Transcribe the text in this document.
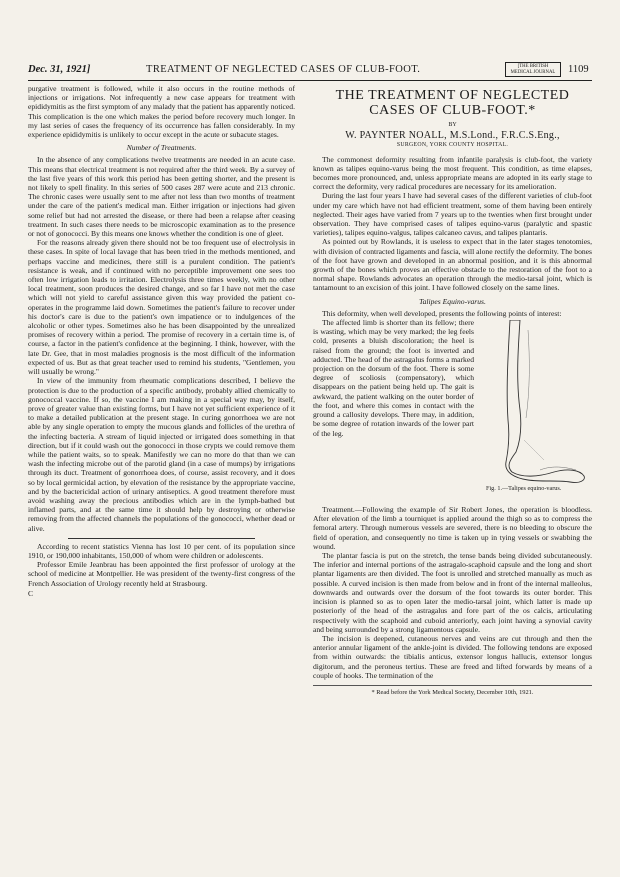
Dec. 31, 1921]	TREATMENT OF NEGLECTED CASES OF CLUB-FOOT.	[THE BRITISH MEDICAL JOURNAL	1109

purgative treatment is followed, while it also occurs in the routine methods of injections or irrigations. Not infrequently a new case appears for treatment with epididymitis as the first symptom of any malady that the patient has apparently noticed. This complication is the one which makes the period before recovery much longer. In my last series of cases the frequency of its occurrence has fallen considerably. In my experience epididymitis is unlikely to occur except in the acute or subacute stages.

Number of Treatments.

In the absence of any complications twelve treatments are needed in an acute case. This means that electrical treatment is not required after the third week. By a survey of the last five years of this work this period has been getting shorter, and the present is not likely to spell finality. In this series of 500 cases 287 were acute and 213 chronic. The chronic cases were usually sent to me after not less than two months of treatment under the care of the patient's medical man. Either irrigation or injections had given some relief but had not arrested the disease, or there had been a relapse after ceasing treatment. In such cases there needs to be microscopic examination as to the presence or not of gonococci. By this means one knows whether the condition is one of gleet.

For the reasons already given there should not be too frequent use of electrolysis in these cases. In spite of local lavage that has been tried in the methods mentioned, and perhaps vaccine and medicines, there still is a purulent condition. The patient's resistance is weak, and if continued with no perceptible improvement one sees too often low irrigation leads to irritation. Electrolysis three times weekly, with no other local treatment, soon produces the desired change, and so far I have not met the case which will not yield to careful assistance given this way provided the patient co-operates in the programme laid down. Sometimes the patient's failure to recover under his doctor's care is due to the patient's own impatience or to indulgences of the alcoholic or other types. Sometimes also he has been disappointed by the unrealized promises of recovery within a period. The promise of recovery in a certain time is, of course, a factor in the patient's confidence at the beginning. I think, however, with the late Dr. Gee, that in most maladies prognosis is the most difficult of the information expected of us. But as that great teacher used to remind his students, "Gentlemen, you will usually be wrong."

In view of the immunity from rheumatic complications described, I believe the protection is due to the production of a specific antibody, probably allied chemically to gonococcal vaccine. If so, the vaccine I am making in a special way may, by itself, prove of greater value than existing forms, but I have not yet sufficient experience of it to make a detailed publication at the present stage. In curing gonorrhoea we are not able by any single operation to empty the mucous glands and follicles of the urethra of the infecting bacteria. A stream of liquid injected or irrigated does something in that direction, but if it could wash out the gonococci in those crypts we could remove them while the patient waits, so to speak. Manifestly we can no more do that than we can wash the infecting microbe out of the parotid gland (in a case of mumps) by irrigations through its duct. Treatment of gonorrhoea does, of course, assist recovery, and it does so by local germicidal action, by elevation of the resistance by the appropriate vaccine, and by the bactericidal action of urinary antiseptics. A good treatment therefore must avoid washing away the precious antibodies which are in the lymph-bathed but inflamed parts, and at the same time it should help by destroying or otherwise removing from the affected channels the populations of the gonococci, whether dead or alive.

According to recent statistics Vienna has lost 10 per cent. of its population since 1910, or 190,000 inhabitants, 150,000 of whom were children or adolescents.

Professor Emile Jeanbrau has been appointed the first professor of urology at the school of medicine at Montpellier. He was president of the twenty-first congress of the French Association of Urology recently held at Strasbourg.

C
THE TREATMENT OF NEGLECTED CASES OF CLUB-FOOT.*
BY
W. PAYNTER NOALL, M.S.Lond., F.R.C.S.Eng.,
SURGEON, YORK COUNTY HOSPITAL.

The commonest deformity resulting from infantile paralysis is club-foot, the variety known as talipes equino-varus being the most frequent. This condition, as time elapses, becomes more pronounced, and, unless appropriate means are adopted in its early stage to correct the deformity, very radical procedures are necessary for its amelioration.

During the last four years I have had several cases of the different varieties of club-foot under my care which have not had efficient treatment, some of them having been entirely neglected. Their ages have varied from 7 years up to the twenties when first brought under observation. They have comprised cases of talipes equino-varus (paralytic and spastic varieties), talipes equino-valgus, talipes calcaneo cavus, and talipes plantaris.

As pointed out by Rowlands, it is useless to expect that in the later stages tenotomies, with division of contracted ligaments and fascia, will alone rectify the deformity. The bones of the foot have grown and developed in an abnormal position, and it is this abnormal growth of the bones which proves an effective obstacle to the restoration of the foot to a normal shape. Rowlands advocates an operation through the medio-tarsal joint, which is tantamount to an excision of this joint. I have followed closely on the same lines.

Talipes Equino-varus.

This deformity, when well developed, presents the following points of interest:

Fig. 1.—Talipes equino-varus.

The affected limb is shorter than its fellow; there is wasting, which may be very marked; the leg feels cold, presents a bluish discoloration; the heel is raised from the ground; the foot is inverted and adducted. The head of the astragalus forms a marked projection on the dorsum of the foot. There is some degree of scoliosis (compensatory), which disappears on the patient being held up. The gait is awkward, the patient walking on the outer border of the foot, and where this comes in contact with the ground a callosity develops. There may, in addition, be some degree of rotation inwards of the lower part of the leg.

Treatment.—Following the example of Sir Robert Jones, the operation is bloodless. After elevation of the limb a tourniquet is applied around the thigh so as to compress the femoral artery. Through numerous vessels are severed, there is no bleeding to obscure the field of operation, and consequently no time is taken up in tying vessels or swabbing the wound.

The plantar fascia is put on the stretch, the tense bands being divided subcutaneously. The inferior and internal portions of the astragalo-scaphoid capsule and the long and short plantar ligaments are then divided. The foot is unrolled and stretched manually as much as possible. A curved incision is then made from below and in front of the internal malleolus, downwards and outwards over the dorsum of the foot towards its outer border. This incision is planned so as to open later the medio-tarsal joint, which latter is made up posteriorly of the head of the astragalus and fore part of the os calcis, articulating respectively with the scaphoid and cuboid anteriorly, each joint having a synovial cavity and being surrounded by a strong ligamentous capsule.

The incision is deepened, cutaneous nerves and veins are cut through and then the anterior annular ligament of the ankle-joint is divided. The following tendons are exposed from within outwards: the tibialis anticus, extensor longus hallucis, extensor longus digitorum, and the peroneus tertius. These are freed and lifted forwards by means of a couple of hooks. The termination of the

* Read before the York Medical Society, December 10th, 1921.
